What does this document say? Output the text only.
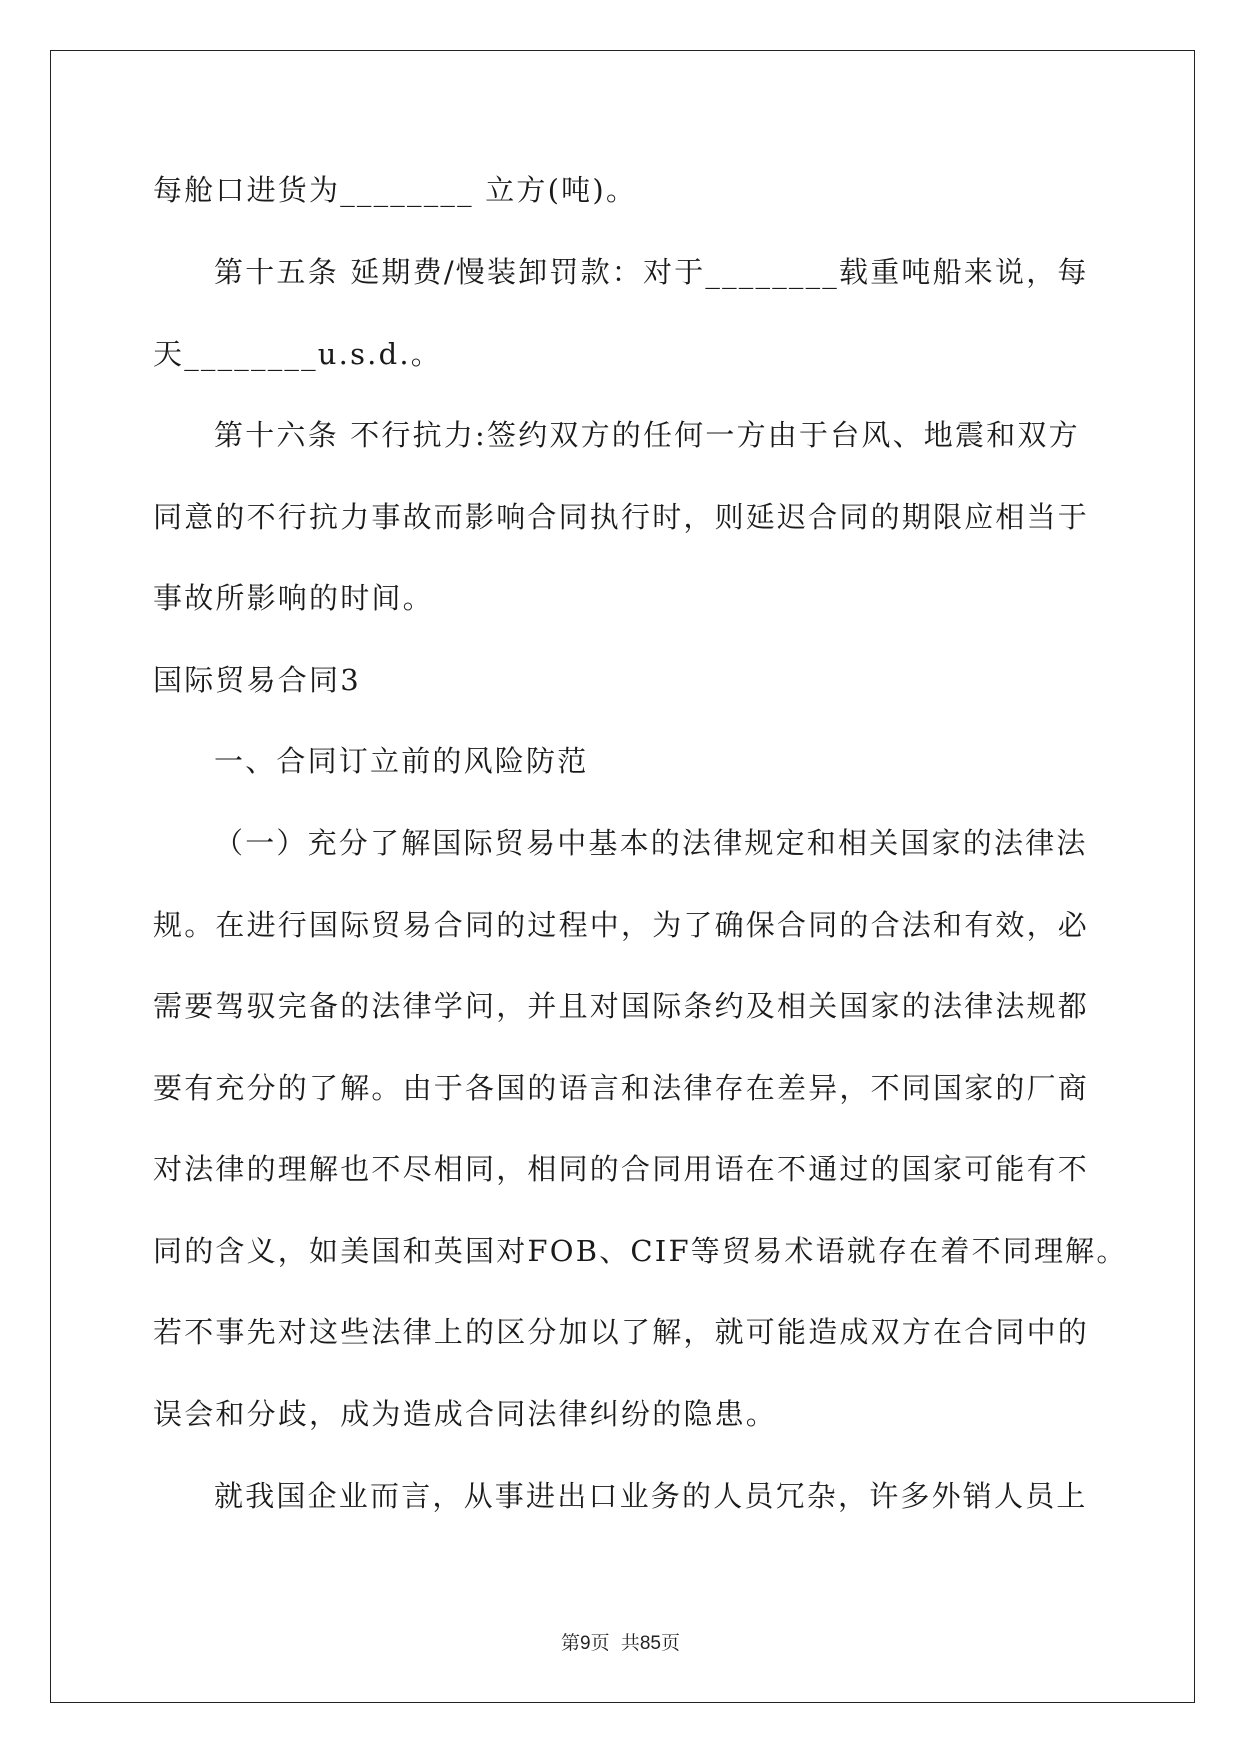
每舱口进货为________ 立方(吨)。
第十五条 延期费/慢装卸罚款：对于________载重吨船来说，每
天________u.s.d.。
第十六条 不行抗力:签约双方的任何一方由于台风、地震和双方
同意的不行抗力事故而影响合同执行时，则延迟合同的期限应相当于
事故所影响的时间。
国际贸易合同3
一、合同订立前的风险防范
（一）充分了解国际贸易中基本的法律规定和相关国家的法律法
规。在进行国际贸易合同的过程中，为了确保合同的合法和有效，必
需要驾驭完备的法律学问，并且对国际条约及相关国家的法律法规都
要有充分的了解。由于各国的语言和法律存在差异，不同国家的厂商
对法律的理解也不尽相同，相同的合同用语在不通过的国家可能有不
同的含义，如美国和英国对FOB、CIF等贸易术语就存在着不同理解。
若不事先对这些法律上的区分加以了解，就可能造成双方在合同中的
误会和分歧，成为造成合同法律纠纷的隐患。
就我国企业而言，从事进出口业务的人员冗杂，许多外销人员上
第9页 共85页
